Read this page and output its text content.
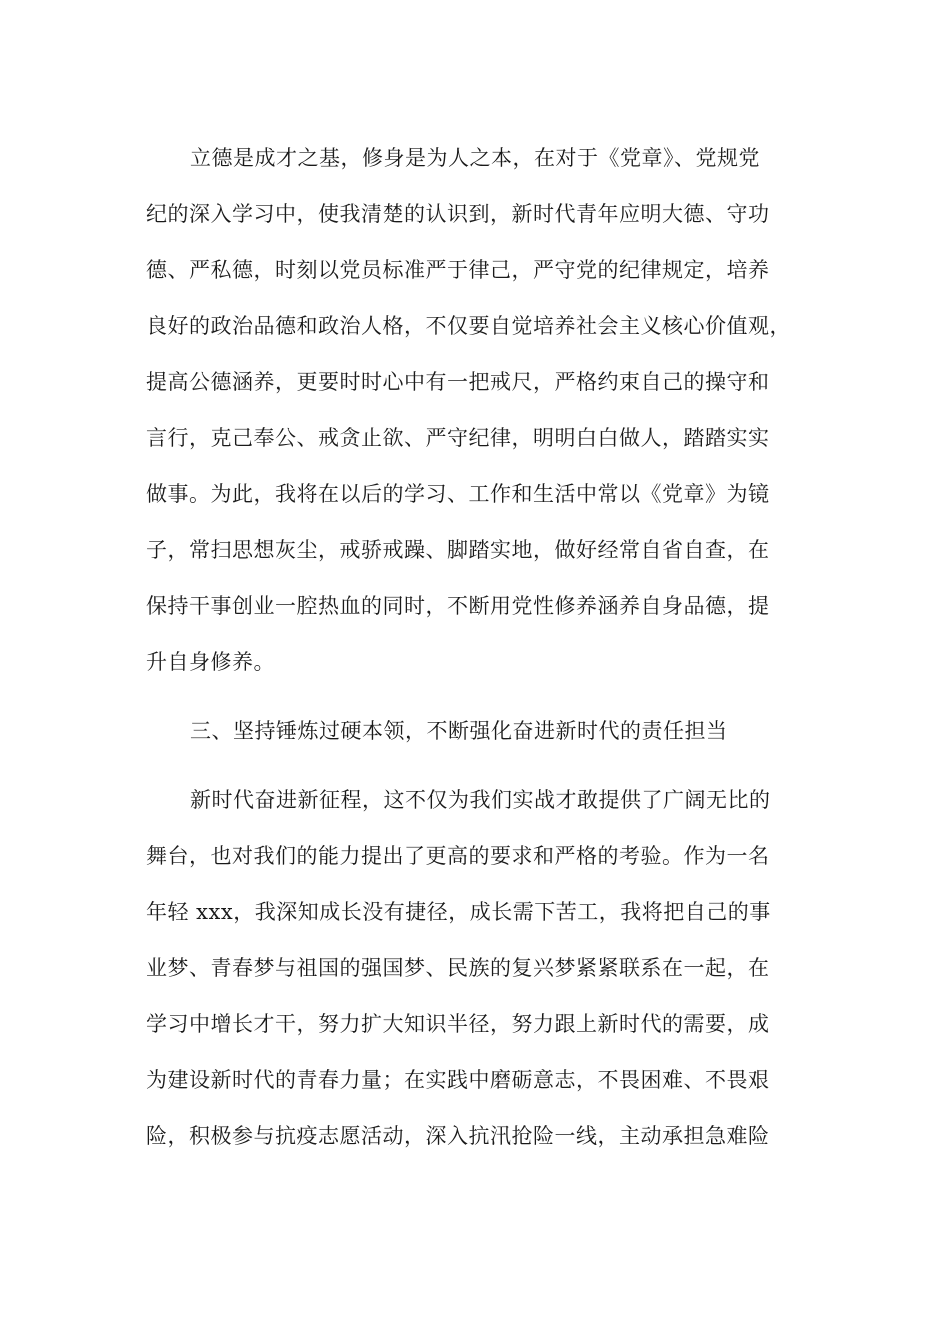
立德是成才之基，修身是为人之本，在对于《党章》、党规党
纪的深入学习中，使我清楚的认识到，新时代青年应明大德、守功
德、严私德，时刻以党员标准严于律己，严守党的纪律规定，培养
良好的政治品德和政治人格，不仅要自觉培养社会主义核心价值观，
提高公德涵养，更要时时心中有一把戒尺，严格约束自己的操守和
言行，克己奉公、戒贪止欲、严守纪律，明明白白做人，踏踏实实
做事。为此，我将在以后的学习、工作和生活中常以《党章》为镜
子，常扫思想灰尘，戒骄戒躁、脚踏实地，做好经常自省自查，在
保持干事创业一腔热血的同时，不断用党性修养涵养自身品德，提
升自身修养。
三、坚持锤炼过硬本领，不断强化奋进新时代的责任担当
新时代奋进新征程，这不仅为我们实战才敢提供了广阔无比的
舞台，也对我们的能力提出了更高的要求和严格的考验。作为一名
年轻 xxx，我深知成长没有捷径，成长需下苦工，我将把自己的事
业梦、青春梦与祖国的强国梦、民族的复兴梦紧紧联系在一起，在
学习中增长才干，努力扩大知识半径，努力跟上新时代的需要，成
为建设新时代的青春力量；在实践中磨砺意志，不畏困难、不畏艰
险，积极参与抗疫志愿活动，深入抗汛抢险一线，主动承担急难险
